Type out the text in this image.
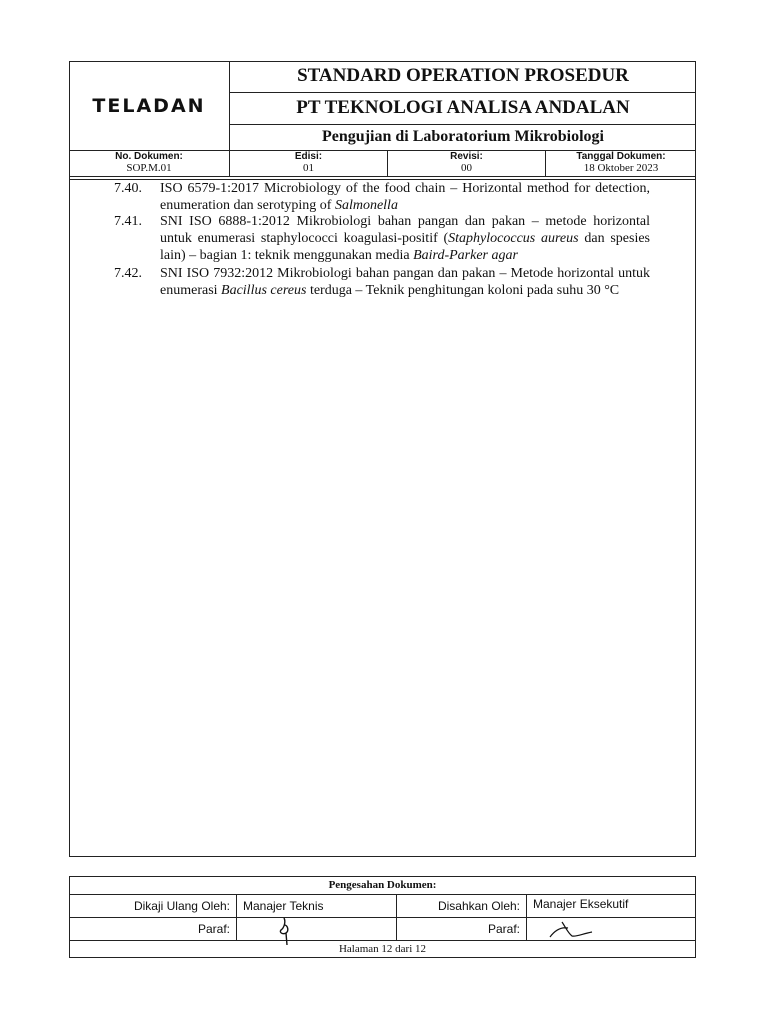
TELADAN
STANDARD OPERATION PROSEDUR
PT TEKNOLOGI ANALISA ANDALAN
Pengujian di Laboratorium Mikrobiologi
No. Dokumen:
SOP.M.01
Edisi:
01
Revisi:
00
Tanggal Dokumen:
18 Oktober 2023
7.40. ISO 6579-1:2017 Microbiology of the food chain – Horizontal method for detection, enumeration dan serotyping of Salmonella
7.41. SNI ISO 6888-1:2012 Mikrobiologi bahan pangan dan pakan – metode horizontal untuk enumerasi staphylococci koagulasi-positif (Staphylococcus aureus dan spesies lain) – bagian 1: teknik menggunakan media Baird-Parker agar
7.42. SNI ISO 7932:2012 Mikrobiologi bahan pangan dan pakan – Metode horizontal untuk enumerasi Bacillus cereus terduga – Teknik penghitungan koloni pada suhu 30 °C
Pengesahan Dokumen:
Dikaji Ulang Oleh: Manajer Teknis	Disahkan Oleh: Manajer Eksekutif
Paraf:	Paraf:
Halaman 12 dari 12
